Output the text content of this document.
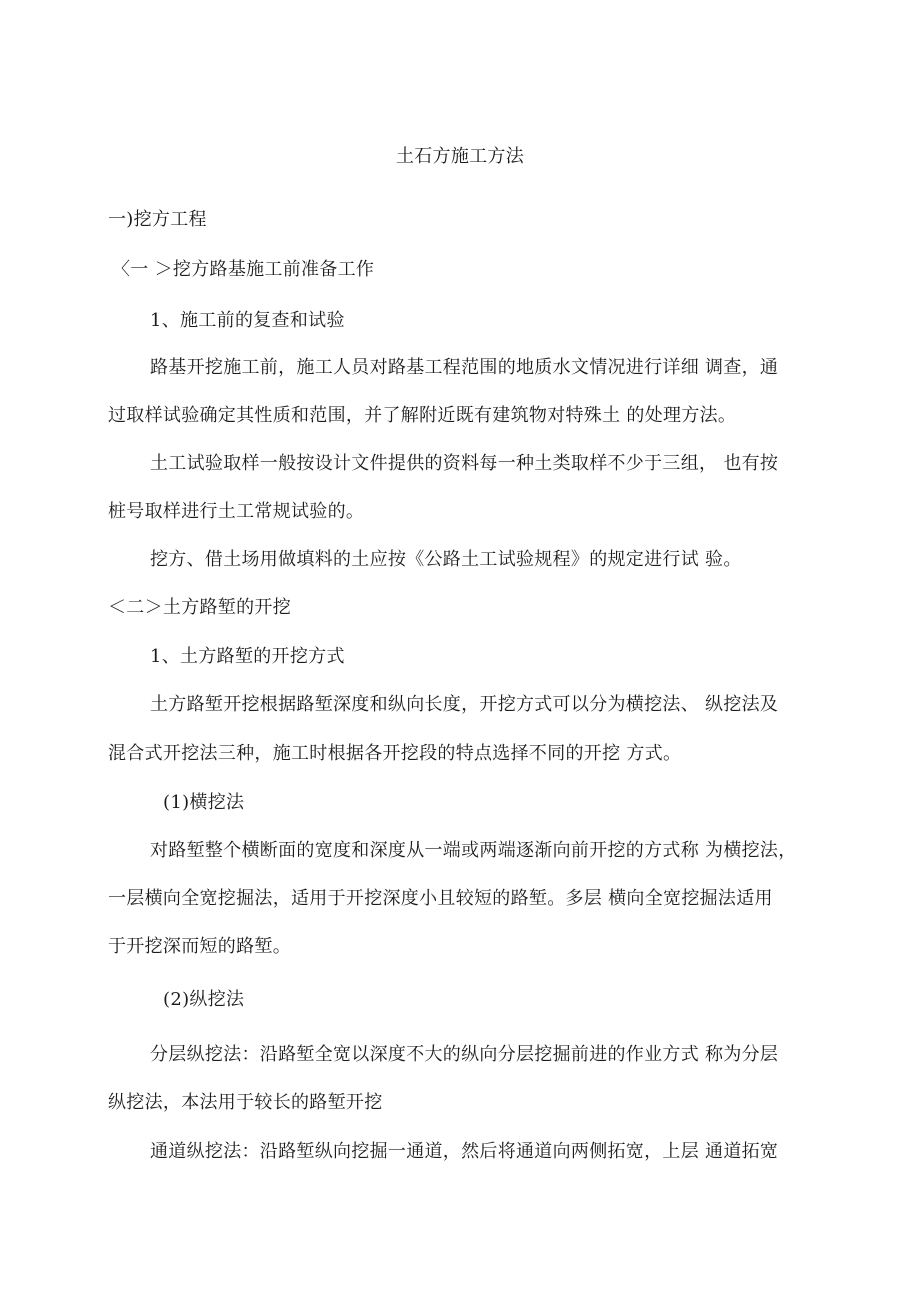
土石方施工方法
一)挖方工程
〈一 ＞挖方路基施工前准备工作
1、施工前的复查和试验
路基开挖施工前，施工人员对路基工程范围的地质水文情况进行详细 调查，通
过取样试验确定其性质和范围，并了解附近既有建筑物对特殊土 的处理方法。
土工试验取样一般按设计文件提供的资料每一种土类取样不少于三组， 也有按
桩号取样进行土工常规试验的。
挖方、借土场用做填料的土应按《公路土工试验规程》的规定进行试 验。
＜二＞土方路堑的开挖
1、土方路堑的开挖方式
土方路堑开挖根据路堑深度和纵向长度，开挖方式可以分为横挖法、 纵挖法及
混合式开挖法三种，施工时根据各开挖段的特点选择不同的开挖 方式。
(1)横挖法
对路堑整个横断面的宽度和深度从一端或两端逐渐向前开挖的方式称 为横挖法，
一层横向全宽挖掘法，适用于开挖深度小且较短的路堑。多层 横向全宽挖掘法适用
于开挖深而短的路堑。
(2)纵挖法
分层纵挖法：沿路堑全宽以深度不大的纵向分层挖掘前进的作业方式 称为分层
纵挖法，本法用于较长的路堑开挖
通道纵挖法：沿路堑纵向挖掘一通道，然后将通道向两侧拓宽，上层 通道拓宽
